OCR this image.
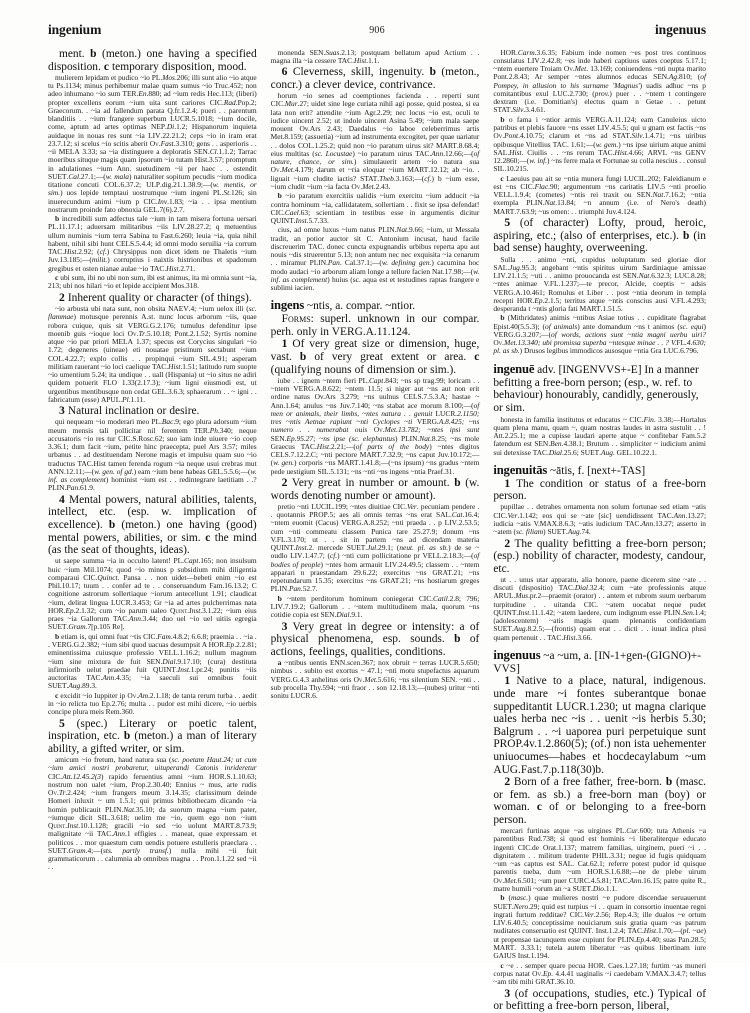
ingenium	906	ingenuus

ment. b (meton.) one having a specified disposition. c temporary disposition, mood.

mulierem lepidam et pudico ~io PL.Mos.206; illi sunt alio ~io atque tu Ps.1134; minus perhibemur malae quam sumus ~io Truc.452; non adeo inhumano ~io sum TER.En.880; ad ~ium redis Hec.113; (liberi) propter excellens eorum ~ium uita sunt cariores CIC.Rad.Pop.2; Graecorum. . ~ia ad fallendum parata Q.fr.1.2.4; pueri . . parentum blanditiis . . ~ium frangere superbum LUCR.5.1018; ~ium docile, come, aptum ad artes optimas NEP.Di.1.2; Hispanorum inquieta auidaque in nouas res sunt ~ia LIV.22.21.2; ceps ~io in iram erat 23.7.12; si scelus ~io scitis aberit Ov.Fast.3.310; gens . . asperioris . . ~ii MELA 3.33; sa ~ia distinguere a deploratis SEN.Cl.1.1.2; Tarrac moeribus situque magis quam ipsorum ~io tutam Hist.3.57; promptum in adulationes ~ium Ann. suetudinem ~ii per haec . . ostendit SUET.Cal.27.1;—(w. mala) naturaliter sopitum pecudis ~ium modica titatione concuti COL.6.37.2; ULP.dig.21.1.38.9;—(w. mentis, or sim.) uos lepide temptaui uostrumque ~ium ingeni PL.St.126; sin inuerecundum animi ~ium p CIC.Inv.1.83; ~ia . . ipsa mentium nostrarum proinde fato obnoxia GEL.7(6).2.7.

b incredibili sum adfectus tale ~ium in tam misera fortuna uersari PL.11.17.1; aduersam militaribus ~iis LIV.28.27.2; q metuentius ullum numinis ~ium terra Sabina tu Fast.6.260; leuia ~ia, quia nihil habent, nihil sibi hunt CELS.5.4.4; id omni modo seruilia ~ia corrum TAC.Hist.2.92; (cf.) Chrysippus non dicet idem ne Thaletis ~ium Juv.13.185;—(milit.) corruptius i naixtis histrionibus et spadonum gregibus et osten nianae aulae ~io TAC.Hist.2.71.

c ubi sum, ibi no ubi non sum, ibi est animus, ita mi omnia sunt ~ia, 213; ubi nos hilari ~io et lepide accipient Mos.318.

2 Inherent quality or character (of things).

~io arbusta ubi nata sunt, non obsita NAEV.4; ~ium uelox illi (sc. flammae) motusque perennis A.st. nunc locus arborum ~iis, quae robora cuique, quis sit VERG.G.2.176; tumulus defenditur ipse moenib guis ~ioque loci Ov.Tr.5.10.18; Pont.2.1.52; Syrtis nomine atque ~io par priori MELA 1.37; specus est Corycius singulari ~io 1.72; degeneres (uineae) eti nouatae pristinum sectabunt ~ium COL.4.22.7; explo collis . . propinqui ~ium SIL.4.91; asperam militiam rauerant ~io loci caelique TAC.Hist.1.51; latitudo rum suopte ~io umentium 5.24; ita undique . . uall (Hispania) ut ~io situs ne adiri quidem potuerit FLO 1.33(2.17.3); ~ium ligni eiusmodi est, ut urgentibus mentibusque non cedat GEL.3.6.3; sphaerarum . . ~ igni . . fabricatum (esse) APUL.Pl.1.11.

3 Natural inclination or desire.

qui nequeam ~io moderari meo PL.Bac.9; ego plura adorsum ~ium meum mensis tali pollicitar nil ferentem TER.Ph.340; neque accusatoris ~io res tur CIC.S.Rosc.62; suo iam inde uiuere ~io coep 3.36.1; dum facit ~ium, petite hinc praecepta, puel Ars 3.57; miles urbanus . . ad destituendam Nerone magis et impulsu quam suo ~io traductus TAC.Hist tamen ferenda rogum ~ia neque usui crebras mut ANN.12.11;—(w. gen. of gd.) eam ~ium bene habeas GEL.5.5.6;—(w. inf. as complement) hominist ~ium est . . redintegrare laetitiam . .? PLIN.Pan.61.9.

4 Mental powers, natural abilities, talents, intellect, etc. (esp. w. implication of excellence). b (meton.) one having (good) mental powers, abilities, or sim. c the mind (as the seat of thoughts, ideas).

ut saepe summa ~ia in occulto latent! PL.Capt.165; non insulsum huic ~ium Mil.1074; quod ~io minus p subsidium mihi diligentia comparaui CIC.Quinct. Pansa . . non uidet—bebeti enim ~io est Phil.10.17; tuum . . confer ad te . . conseruandum Fam.16.13.2; C cognitione astrorum sollertiaque ~iorum antecellunt 1.91; claudicat ~ium, delirat lingua LUCR.3.453; Gr ~ia ad artes pulcherrimas nata HOR.Ep.2.1.32; cum ~io parum ualeo Quint.Inst.3.1.22; ~ium eius praes ~ia Gallorum TAC.Ann.3.44; duo uel ~io uel uitiis egregia SUET.Gram.7[p.105 Re].

b etiam is, qui omni fuat ~tis CIC.Fam.4.8.2; 6.6.8; praemia . . ~ia . . VERG.G.2.382; ~ium sibi quod uacuas desumpsit A HOR.Ep.2.2.81; eminentissima cuiusque professio VELL.1.16.2; nullum magnum ~ium sine mixtura de fuit SEN.Dial.9.17.10; (cura) destituta infirmiorib uelut praedae fuit QUINT.Inst.1.pr.24; punitis ~iis auctoritas TAC.Ann.4.35; ~ia saeculi sui omnibus fouit SUET.Aug.89.3.

c excidit ~io Iuppiter ip Ov.Am.2.1.18; de tanta rerum turba . . aedit in ~io relicta tuo Ep.2.76; multa . . pudor est mihi dicere, ~io uerbis concipe plura meis Rem.360.

5 (spec.) Literary or poetic talent, inspiration, etc. b (meton.) a man of literary ability, a gifted writer, or sim.

amicum ~io fretum, haud natura sua (sc. poetam Haut.24; ut cum ~ium amici nostri probaretur, uituperandi Catonis inrideretur CIC.Att.12.45.2(3) rapido feruentius amni ~ium HOR.S.1.10.63; nostrum non ualet ~ium, Prop.2.30.40; Ennius ~ mus, arte rudis Ov.Tr.2.424; ~ium frangers meum 3.14.35; clarissimum deinde Homeri inluxit ~ um 1.5.1; qui primus bibliothecam dicando ~ia homin publicauit PLIN.Nat.35.10; da suorum magna ~ium pater, ~iumque dicit SIL.3.618; uelim me ~io, quem ego non ~ium Quint.Inst.10.1.128; gracili ~io sed ~io uolunt MART.8.73.9; malignitate ~ii TAC.Ann.1 effigies . . maneat, quae expressam et politicos . . mor quaestum cum uendis potuere estulleris praeclara . . SUET.Gram.4;—(sts. partly transf.) nulla mihi ~ii fuit grammaticorum . . calumnia ab omnibus magna . . Pron.1.1.22 sed ~ii . .

monenda SEN.Suas.2.13; postquam bellatum apud Actium . . magna illa ~ia cessere TAC.Hist.1.1.

6 Cleverness, skill, ingenuity. b (meton., concr.) a clever device, contrivance.

horum ~io senes ad coemptiones facienda . . reperti sunt CIC.Mur.27; uidet sine lege curiata nihil agi posse, quid postea, si ea lata non erit? attendite ~ium Agr.2.29; nec locus ~io est, oculi te iudice uincent 2.52; ut indole uincent Asina 5.49; ~ium mala saepe mouent Ov.Ars 2.43; Daedalus ~io laboe celeberrimus artis Met.8.159; (assuetia) ~ium ad instrumenta excogitet, per quae uariatur . . dolos COL.1.25.2; quid non ~io paratum uirus sit? MART.8.68.4; eius multitas (sc. Locustae) ~io paratum uirus TAC.Ann.12.66;—(of nature, chance, or sim.) simulauerit artem ~io natura sua Ov.Met.4.179; darum et ~ria eloquar ~ium MART.12.12; ab ~io. . liguait ~ium cludite iactis? STAT.Theb.3.163;—(cf.) b ~ium esse, ~ium cludit ~ium ~ia facta Ov.Met.2.43.

b ~io paratum exercitiis ualidis ~ium exercitu ~ium adducit ~ia contra hominum ~ia, callidatatem, sollertiam . . fixit se ipsa defendat! CIC.Cael.63; scientiam in testibus esse in argumentis dicitur QUINT.Inst.5.7.33.

cius, ad omne luxus ~ium natus PLIN.Nat.9.66; ~ium, ut Messala tradit, an potior auctor sit C. Antonium incusat, haud facile discreuerim TAC. donec cuncta expugnandis urbibus reperta apu aut nouis ~dis struerentur 5.13; non antum nec nec exquisita ~ia cenarum . . miramur PLIN.Pan. Cal.37.1;—(w. defining gen.) cacumina hoc modo audaci ~io arborum aliam longe a tellure facien Nat.17.98;—(w. inf. as complement) huius (sc. aqua est et testudines raptas frangere e sublimi iacien.

ingens ~ntis, a. compar. ~ntior.

Forms: superl. unknown in our compar. perh. only in VERG.A.11.124.

1 Of very great size or dimension, huge, vast. b of very great extent or area. c (qualifying nouns of dimension or sim.).

iube . . ignem ~ntem fieri PL.Capt.843; ~ns sp trag.99; loricam . . ~ntem VERG.A.8.622; ~ntem 11.5; si niger aut ~ns aut non erit ordine natus Ov.Ars 3.279; ~ns uulnus CELS.7.5.3.A; hastae ~ Ann.1.64; anulus ~ns Juv.7.140; ~ns stabat ace morum 8.100;—(of men or animals, their limbs, ~ntes natura . . genuit LUCR.2.1150; tres ~ntis Aetnae rapiunt ~nti Cyclopes ~ti VERG.A.8.425; ~ns numero . . numerabat ouis Ov.Met.13.782; ~ntes ipsi sunt SEN.Ep.95.27; ~ns ipse (sc. elephantus) PLIN.Nat.8.25; ~ns mole Graecus TAC.Hist.2.21;—(of parts of the body) ~ntes digitos CELS.7.12.2.C; ~nti pectore MART.7.32.9; ~ns caput Juv.10.172;—(w. gen.) corporis ~ns MART.1.41.8;—(~ns ipsum) ~ns gradus ~ntem pede uestigium SIL.5.131; ~ns ~nti ~ns ingens ~ntia Praef.31.

2 Very great in number or amount. b (w. words denoting number or amount).

pretio ~nti LUCIL.199; ~ntes diuitiae CIC.Ver. pecuniam pendere . . quotannis PROP.5; aes ali omnis terras ~ns erat SAL.Cat.16.4; ~ntem euomit (Cacus) VERG.A.8.252; ~nti praeda . . p LIV.2.53.5; cum ~nti commeatu classem Punica tare 25.27.9; donum ~ns V.FL.3.170; ut . . sit in partem ~ns ad dicendam materia QUINT.Inst.2. mercede SUET.Jul.29.1; (neut. pl. as sb.) de se ~ oudlo LIV.1.47.7; (cf.) ~nti cum pollicitatione pr VELL.2.18.3;—(of bodies of people) ~ntes hom armauit LIV.24.49.5; classem . . ~ntem apparari n praestandam 29.6.22; exercitus ~ns GRAT.21; ~ns repetundarum 15.35; exercitus ~ns GRAT.21; ~ns hostiarum greges PLIN.Pan.52.7.

b ~ntem perditorum hominum coniegerat CIC.Catil.2.8; 796; LIV.7.19.2; Gallorum . . ~ntem multitudinem mala, quorum ~ns cotidie copia est SEN.Dial.9.1.

3 Very great in degree or intensity: a of physical phenomena, esp. sounds. b of actions, feelings, qualities, conditions.

a ~ntibus uentis ENN.scen.367; nox obruit ~ terras LUCR.5.650; nimbus . . subito est exortus ~ 47.1; ~nti motu stupefactus aquarum VERG.G.4.3 anhelitus oris Ov.Met.5.616; ~ns silentium SEN. ~nti . . sub procella Thy.594; ~nti fraor . . son 12.18.13;—(nubes) uritur ~nti sonitu LUCR.6.

HOR.Carm.3.6.35; Fabium inde nomen ~es post tres continuos consulatus LIV.2.42.8; ~es inde haberi captiuos uates coeptus 5.17.1; ~ntem euertere Troiam Ov.Met. 13.169; coniuendens ~nti nupta marito Pont.2.8.43; Ar semper ~ntes alumnos educas SEN.Ag.810; (of Pompey, in allusion to his surname 'Magnus') uadis adhuc ~ns p comitantibus exul LUC.2.730; (prov.) puer . . ~ntem t contingere dextram (i.e. Domitian's) electus quam n Getae . . petunt STAT.Silv.3.4.61.

b o fama i ~ntior armis VERG.A.11.124; eam Canuleius uicto patribus et plebis fauore ~ns esset LIV.4.5.5; qui u gnam est factis ~ns Ov.Pont.4.10.75; clarum et ~ns ad STAT.Silv.1.4.71; ~ns uiribus opibusque Vitellius TAC. 1.61;—(w. gem.) ~ns ipse uirium atque animi SAL.Hist. Ciuilis . . ~ns rerum TAC.Hist.4.66; ARVL ~ns GENV 12.2860;—(w. inf.) ~ns ferre mala et Fortunae su colla nescius . . consul SIL.10.215.

c Laeuius pau ait se ~ntia munera fungi LUCIL.202; Faleidianum e est ~ns CIC.Flac.90; argumentum ~ns caritatis LIV.5 ~nti proelio VELL.1.9.4; (cometes) ~ntis rei traxit ou SEN.Nat.7.16.2; ~ntia exempla PLIN.Nat.13.84; ~n annum (i.e. of Nero's death) MART.7.63.9; ~us omen: . . triumphi Juv.4.124.

5 (of character) Lofty, proud, heroic, aspiring, etc.; (also of enterprises, etc.). b (in bad sense) haughty, overweening.

Sulla . . animo ~nti, cupidus uoluptatum sed gloriae dior SAL.Jug.95.3; angebant ~ntis spiritus uirum Sardiniaque amissae LIV.21.1.5; ~uti . . animo prouocanda est SEN.Nat.6.32.3; LUC.8.28; ~ntes animae V.FL.1.237;—te precor, Alcide, coeptis ~ adsis VERG.A.10.461; Romulus et Liber . . post ~ntia deorum in templa recepti HOR.Ep.2.1.5; territus atque ~ntis conscius ausi V.FL.4.293; desperanda t ~ntis gloria fati MART.1.51.5.

b (Mithridates) animis ~ntibus Asiae totius . . cupiditate flagrabat Epist.40(5.5.3); (of animals) ante domandum ~ns t animos (sc. equi) VERG.G.3.207;—(of words, actions sunt ~ntia magni uerbu uiri? Ov.Met.13.340; ubi promissa superba ~ntesque minae . . ? V.FL.4.630; pl. as sb.) Drusos legibus immodicos ausosque ~ntia Gra LUC.6.796.

ingenuē adv. [INGENVVS+-E] In a manner befitting a free-born person; (esp., w. ref. to behaviour) honourably, candidly, generously, or sim.

honesta in familia institutus et educatus ~ CIC.Fin. 3.38;—Hortalus quam plena manu, quam ~, quam nostras laudes in astra sustulit . . ! Att.2.25.1; me a cupisse laudari aperte atque ~ confitebar Fam.5.2 fatendum est SEN.Ben.4.38.1; Brutum . . simpliciter ~ iudicium animi sui detexisse TAC.Dial.25.6; SUET.Aug. GEL.10.22.1.

ingenuitās ~ātis, f. [next+-TAS]

1 The condition or status of a free-born person.

pupillae . . detrahes ornamenta non solum fortunae sed etiam ~atis CIC.Ver.1.142; eos qui se ~ate [sic] uendidissent TAC.Ann.13.27; iudicia ~atis V.MAX.8.6.3; ~atis iudicium TAC.Ann.13.27; asserto in ~atem (sc. filiam) SUET.Aug.74.

2 The quality befitting a free-born person; (esp.) nobility of character, modesty, candour, etc.

ut . . unus utar apparatu, alia honore, paene dicerem sine ~ate . . discuti (dispositio) TAC.Dial.32.4; cum ~ate professionis atque ARUL.Mus.pr.2—praemit (orator) . . antem et rubrom suum uerbarum turpitudine . . uitanda CIC. ~atem uocabat neque pudet QUINT.Inst.11.1.42; ~atem laedere, cum indignum esse PLIN.Sen.1.4; (adolescentem) ~atis magis quam plenantis confidentiam SUET.Aug.8.2.5;—(frontis) quam erat . . dicti . . iuuat indica plusi quam pertenuit . . TAC.Hist.3.66.

ingenuus ~a ~um, a. [IN-1+gen-(GIGNO)+-VVS]

1 Native to a place, natural, indigenous. unde mare ~i fontes suberantque bonae suppeditantit LUCR.1.230; ut magna clarique uales herba nec ~is . . uenit ~is herbis 5.30; Balgrum . . ~i uaporea puri perpetuique sunt PROP.4v.1.2.860(5); (of.) non ista uehementer uniuocumes—habes et hocdecaylabum ~um AUG.Fast.7.p.118(30)b.

2 Born of a free father, free-born. b (masc. or fem. as sb.) a free-born man (boy) or woman. c of or belonging to a free-born person.

mercari furtinas atque ~as uirgines PL.Cur.600; tuta Athenis ~a parentibus Rud.738; si quod est hominis ~i liberaliterque educato ingenti CIC.de Orat.1.137; matrem familias, uirginem, pueri ~i . . dignitatem . . militum tradente PHIL.3.31; negue id fugis quidquam ~um ~as captus est SAL. Cat.62.1; referre potest pudor id quisque parentis tueba, dum ~um HOR.S.1.6.88;—ne de plebe uirum Ov.Met.6.501; ~um puer CURC.4.5.81; TAC.Ann.16.15; patre quite R., matre humili ~orum an ~a SUET.Dio.1.1.

b (masc.) quae mulieres nostri ~e pudore discendae seruauerunt SUET.Nero.29; quid est turpius ~i . . quam in consortio inuentae regni ingrati furtum redditae? CIC.Ver.2.56; Rep.4.3; ille dualos ~e ortum LIV.6.40.5; conceptissime nouiciarum suis gratia quam ~as patrum nuditates conseruatio est QUINT. Inst.1.2.4; TAC.Hist.1.70;—(pl. ~ae) ut propensae tacunquem esse cupiunt for PLIN.Ep.4.40; suas Pan.28.5; MART. 3.33.1; tutela autem liberatur ~as quibus libertinam iure GAIUS Inst.1.194.

c ~e . . semper quare pecua HOR. Caes.1.27.18; furtim ~as muneri corpus natat Ov.Ep. 4.4.41 uaginalis ~i caedebam V.MAX.3.4.7; tellus ~am tibi mihi GRAT.36.10.

3 (of occupations, studies, etc.) Typical of or befitting a free-born person, liberal,
